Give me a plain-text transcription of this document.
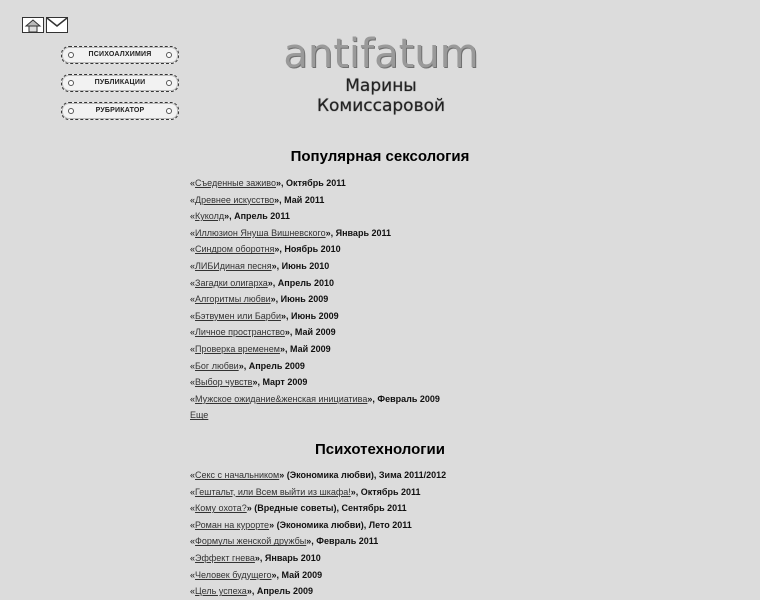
ПСИХОАЛХИМИЯ
ПУБЛИКАЦИИ
РУБРИКАТОР
antifatum
Марины Комиссаровой
Популярная сексология
«Съеденные заживо», Октябрь 2011
«Древнее искусство», Май 2011
«Куколд», Апрель 2011
«Иллюзион Януша Вишневского», Январь 2011
«Синдром оборотня», Ноябрь 2010
«ЛИБИдиная песня», Июнь 2010
«Загадки олигарха», Апрель 2010
«Алгоритмы любви», Июнь 2009
«Бэтвумен или Барби», Июнь 2009
«Личное пространство», Май 2009
«Проверка временем», Май 2009
«Бог любви», Апрель 2009
«Выбор чувств», Март 2009
«Мужское ожидание&женская инициатива», Февраль 2009
Еще
Психотехнологии
«Секс с начальником» (Экономика любви), Зима 2011/2012
«Гештальт, или Всем выйти из шкафа!», Октябрь 2011
«Кому охота?» (Вредные советы), Сентябрь 2011
«Роман на курорте» (Экономика любви), Лето 2011
«Формулы женской дружбы», Февраль 2011
«Эффект гнева», Январь 2010
«Человек будущего», Май 2009
«Цель успеха», Апрель 2009
